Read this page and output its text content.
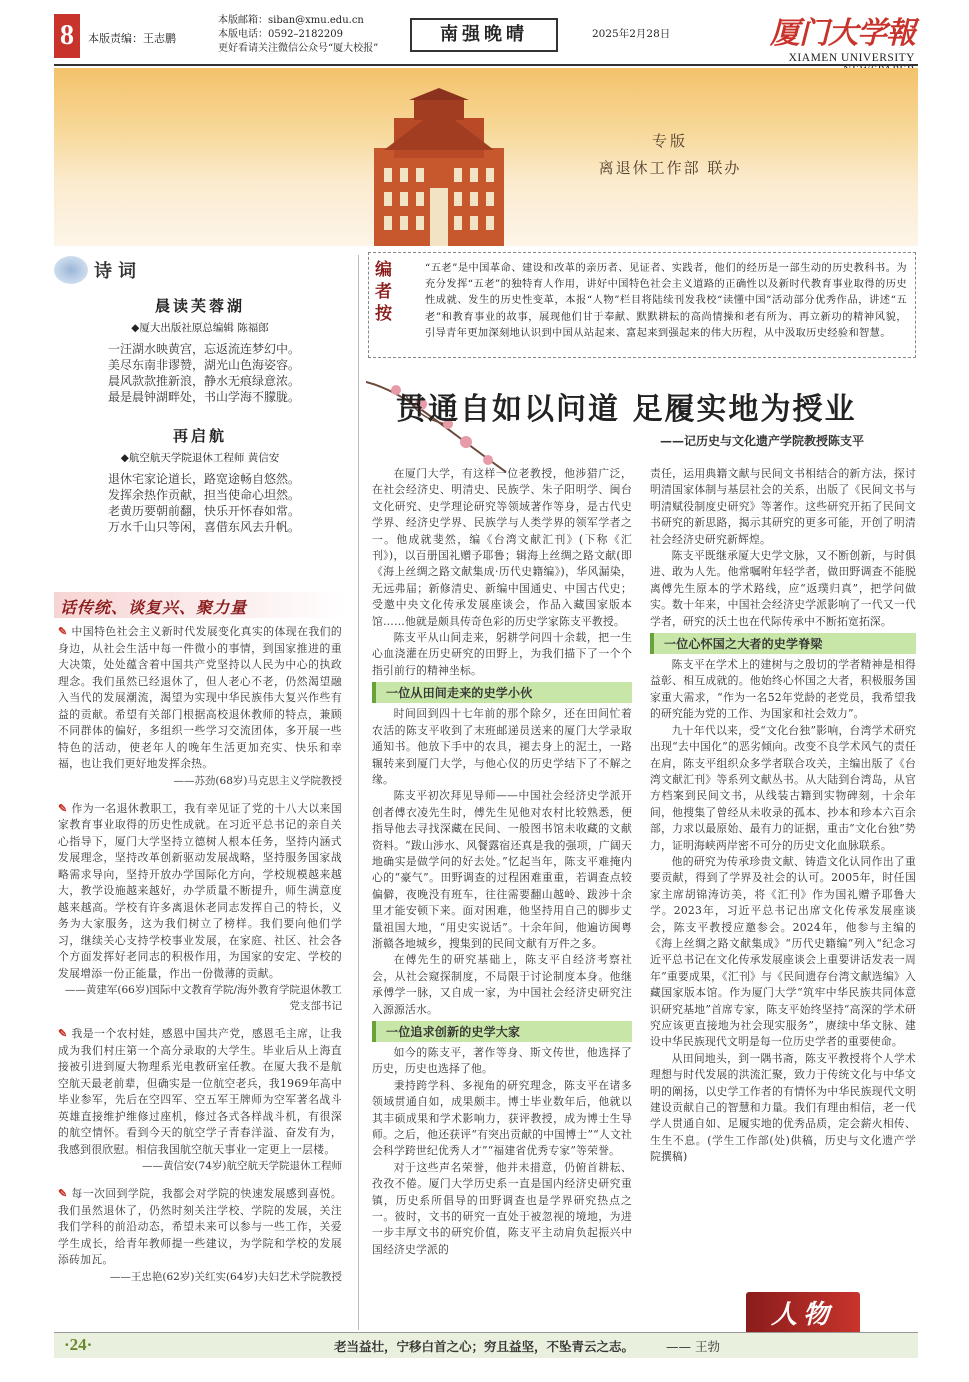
8	本版责编：王志鹏
本版邮箱：siban@xmu.edu.cn
本版电话：0592–2182209
更好看请关注微信公众号“厦大校报”
南强晚晴	2025年2月28日	厦门大学報
XIAMEN UNIVERSITY
专版
离退休工作部 联办
诗词
晨读芙蓉湖
◆厦大出版社原总编辑 陈福郎
一汪湖水映黄宫，忘返流连梦幻中。
美尽东南非谬赞，湖光山色海姿容。
晨风款款推新浪，静水无痕绿意浓。
最是晨钟湖畔处，书山学海不朦胧。
再启航
◆航空航天学院退休工程师 黄信安
退休宅家论道长，路宽途畅自悠然。
发挥余热作贡献，担当使命心坦然。
老黄历要朝前翻，快乐开怀春如常。
万水千山只等闲，喜借东风去升帆。
话传统、谈复兴、聚力量
✎ 中国特色社会主义新时代发展变化真实的体现在我们的身边，从社会生活中每一件微小的事情，到国家推进的重大决策，处处蕴含着中国共产党坚持以人民为中心的执政理念。我们虽然已经退休了，但人老心不老，仍然渴望融入当代的发展潮流，渴望为实现中华民族伟大复兴作些有益的贡献。希望有关部门根据高校退休教师的特点，兼顾不同群体的偏好，多组织一些学习交流团体，多开展一些特色的活动，使老年人的晚年生活更加充实、快乐和幸福，也让我们更好地发挥余热。
——苏劲(68岁)马克思主义学院教授
✎ 作为一名退休教职工，我有幸见证了党的十八大以来国家教育事业取得的历史性成就。在习近平总书记的亲自关心指导下，厦门大学坚持立德树人根本任务，坚持内涵式发展理念，坚持改革创新驱动发展战略，坚持服务国家战略需求导向，坚持开放办学国际化方向，学校规模越来越大，教学设施越来越好，办学质量不断提升，师生满意度越来越高。学校有许多离退休老同志发挥自己的特长，义务为大家服务，这为我们树立了榜样。我们要向他们学习，继续关心支持学校事业发展，在家庭、社区、社会各个方面发挥好老同志的积极作用，为国家的安定、学校的发展增添一份正能量，作出一份微薄的贡献。
——黄建军(66岁)国际中文教育学院/海外教育学院退休教工党支部书记
✎ 我是一个农村娃，感恩中国共产党，感恩毛主席，让我成为我们村庄第一个高分录取的大学生。毕业后从上海直接被引进到厦大物理系光电教研室任教。在厦大我不是航空航天最老前辈，但确实是一位航空老兵，我1969年高中毕业参军，先后在空四军、空五军王牌师为空军著名战斗英雄直接维护维修过座机，修过各式各样战斗机，有很深的航空情怀。看到今天的航空学子青春洋溢、奋发有为，我感到很欣慰。相信我国航空航天事业一定更上一层楼。
——黄信安(74岁)航空航天学院退休工程师
✎ 每一次回到学院，我都会对学院的快速发展感到喜悦。我们虽然退休了，仍然时刻关注学校、学院的发展，关注我们学科的前沿动态，希望未来可以参与一些工作，关爱学生成长，给青年教师提一些建议，为学院和学校的发展添砖加瓦。
——王忠艳(62岁)关红实(64岁)夫妇艺术学院教授
编者按
“五老”是中国革命、建设和改革的亲历者、见证者、实践者，他们的经历是一部生动的历史教科书。为充分发挥“五老”的独特育人作用，讲好中国特色社会主义道路的正确性以及新时代教育事业取得的历史性成就、发生的历史性变革，本报“人物”栏目将陆续刊发我校“读懂中国”活动部分优秀作品，讲述“五老”和教育事业的故事，展现他们甘于奉献、默默耕耘的高尚情操和老有所为、再立新功的精神风貌，引导青年更加深刻地认识到中国从站起来、富起来到强起来的伟大历程，从中汲取历史经验和智慧。
贯通自如以问道 足履实地为授业
——记历史与文化遗产学院教授陈支平
在厦门大学，有这样一位老教授，他涉猎广泛，在社会经济史、明清史、民族学、朱子阳明学、闽台文化研究、史学理论研究等领域著作等身，是古代史学界、经济史学界、民族学与人类学界的领军学者之一。他成就斐然，编《台湾文献汇刊》(下称《汇刊》)，以百册国礼赠予耶鲁；辑海上丝绸之路文献(即《海上丝绸之路文献集成·历代史籍编》)，华风漏染，无远弗届；新修清史、新编中国通史、中国古代史；受邀中央文化传承发展座谈会，作品入藏国家版本馆……他就是颇具传奇色彩的历史学家陈支平教授。
陈支平从山间走来，躬耕学问四十余载，把一生心血浇灌在历史研究的田野上，为我们描下了一个个指引前行的精神坐标。
一位从田间走来的史学小伙
时间回到四十七年前的那个除夕，还在田间忙着农活的陈支平收到了末班邮递员送来的厦门大学录取通知书。他放下手中的农具，褪去身上的泥土，一路辗转来到厦门大学，与他心仪的历史学结下了不解之缘。
陈支平初次拜见导师——中国社会经济史学派开创者傅衣凌先生时，傅先生见他对农村比较熟悉，便指导他去寻找深藏在民间、一般图书馆未收藏的文献资料。“跋山涉水、风餐露宿还真是我的强项，广阔天地确实是做学问的好去处。”忆起当年，陈支平难掩内心的“豪气”。田野调查的过程困难重重，若调查点较偏僻，夜晚没有班车，往往需要翻山越岭、跋涉十余里才能安顿下来。面对困难，他坚持用自己的脚步丈量祖国大地，“用史实说话”。十余年间，他遍访闽粤浙赣各地城乡，搜集到的民间文献有万件之多。
在傅先生的研究基础上，陈支平自经济考察社会，从社会窥探制度，不局限于讨论制度本身。他继承傅学一脉，又自成一家，为中国社会经济史研究注入源源活水。
一位追求创新的史学大家
如今的陈支平，著作等身、斯文传世，他选择了历史，历史也选择了他。
秉持跨学科、多视角的研究理念，陈支平在诸多领域贯通自如，成果颇丰。博士毕业数年后，他就以其丰硕成果和学术影响力，获评教授，成为博士生导师。之后，他还获评“有突出贡献的中国博士”“人文社会科学跨世纪优秀人才”“福建省优秀专家”等荣誉。
对于这些声名荣誉，他并未措意，仍俯首耕耘、孜孜不倦。厦门大学历史系一直是国内经济史研究重镇，历史系所倡导的田野调查也是学界研究热点之一。彼时，文书的研究一直处于被忽视的境地，为进一步丰厚文书的研究价值，陈支平主动肩负起振兴中国经济史学派的
责任，运用典籍文献与民间文书相结合的新方法，探讨明清国家体制与基层社会的关系，出版了《民间文书与明清赋役制度史研究》等著作。这些研究开拓了民间文书研究的新思路，揭示其研究的更多可能，开创了明清社会经济史研究新辉煌。
陈支平既继承厦大史学文脉，又不断创新，与时俱进、敢为人先。他常嘱咐年轻学者，做田野调查不能脱离傅先生原本的学术路线，应“返璞归真”，把学问做实。数十年来，中国社会经济史学派影响了一代又一代学者，研究的沃土也在代际传承中不断拓宽拓深。
一位心怀国之大者的史学脊梁
陈支平在学术上的建树与之殷切的学者精神是相得益彰、相互成就的。他始终心怀国之大者，积极服务国家重大需求，“作为一名52年党龄的老党员，我希望我的研究能为党的工作、为国家和社会效力”。
九十年代以来，受“文化台独”影响，台湾学术研究出现“去中国化”的恶劣倾向。改变不良学术风气的责任在肩，陈支平组织众多学者联合攻关，主编出版了《台湾文献汇刊》等系列文献丛书。从大陆到台湾岛，从官方档案到民间文书，从线装古籍到实物碑刻，十余年间，他搜集了曾经从未收录的孤本、抄本和珍本六百余部，力求以最原始、最有力的证据，重击“文化台独”势力，证明海峡两岸密不可分的历史文化血脉联系。
他的研究为传承珍贵文献、铸造文化认同作出了重要贡献，得到了学界及社会的认可。2005年，时任国家主席胡锦涛访美，将《汇刊》作为国礼赠予耶鲁大学。2023年，习近平总书记出席文化传承发展座谈会，陈支平教授应邀参会。2024年，他参与主编的《海上丝绸之路文献集成》“历代史籍编”列入“纪念习近平总书记在文化传承发展座谈会上重要讲话发表一周年”重要成果，《汇刊》与《民间遗存台湾文献选编》入藏国家版本馆。作为厦门大学“筑牢中华民族共同体意识研究基地”首席专家，陈支平始终坚持“高深的学术研究应该更直接地为社会现实服务”，赓续中华文脉、建设中华民族现代文明是每一位历史学者的重要使命。
从田间地头，到一隅书斋，陈支平教授将个人学术理想与时代发展的洪流汇聚，致力于传统文化与中华文明的阐扬，以史学工作者的有情怀为中华民族现代文明建设贡献自己的智慧和力量。我们有理由相信，老一代学人贯通自如、足履实地的优秀品质，定会薪火相传、生生不息。(学生工作部(处)供稿，历史与文化遗产学院撰稿)
人物
·24·	老当益壮，宁移白首之心；穷且益坚，不坠青云之志。	—— 王勃
